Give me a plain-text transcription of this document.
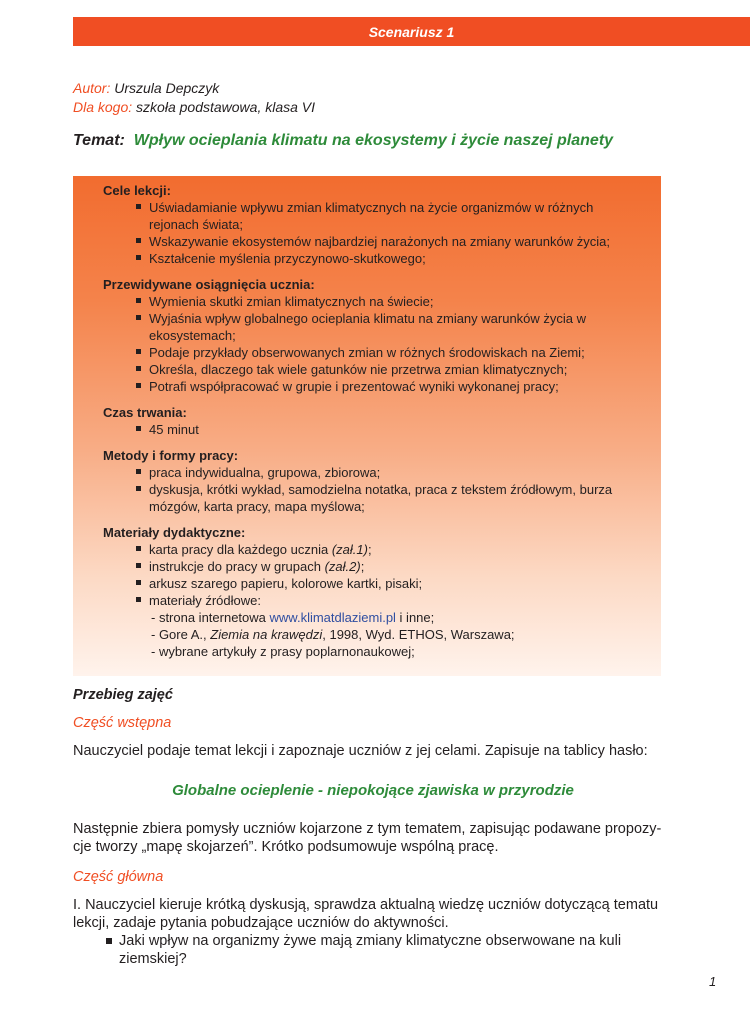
Scenariusz 1
Autor: Urszula Depczyk
Dla kogo: szkoła podstawowa, klasa VI
Temat: Wpływ ocieplania klimatu na ekosystemy i życie naszej planety
Cele lekcji:
Uświadamianie wpływu zmian klimatycznych na życie organizmów w różnych rejonach świata;
Wskazywanie ekosystemów najbardziej narażonych na zmiany warunków życia;
Kształcenie myślenia przyczynowo-skutkowego;
Przewidywane osiągnięcia ucznia:
Wymienia skutki zmian klimatycznych na świecie;
Wyjaśnia wpływ globalnego ocieplania klimatu na zmiany warunków życia w ekosystemach;
Podaje przykłady obserwowanych zmian w różnych środowiskach na Ziemi;
Określa, dlaczego tak wiele gatunków nie przetrwa zmian klimatycznych;
Potrafi współpracować w grupie i prezentować wyniki wykonanej pracy;
Czas trwania:
45 minut
Metody i formy pracy:
praca indywidualna, grupowa, zbiorowa;
dyskusja, krótki wykład, samodzielna notatka, praca z tekstem źródłowym, burza mózgów, karta pracy, mapa myślowa;
Materiały dydaktyczne:
karta pracy dla każdego ucznia (zał.1);
instrukcje do pracy w grupach (zał.2);
arkusz szarego papieru, kolorowe kartki, pisaki;
materiały źródłowe:
- strona internetowa www.klimatdlaziemi.pl i inne;
- Gore A., Ziemia na krawędzi, 1998, Wyd. ETHOS, Warszawa;
- wybrane artykuły z prasy poplarnonaukowej;

Przebieg zajęć

Część wstępna

Nauczyciel podaje temat lekcji i zapoznaje uczniów z jej celami. Zapisuje na tablicy hasło:

Globalne ocieplenie - niepokojące zjawiska w przyrodzie

Następnie zbiera pomysły uczniów kojarzone z tym tematem, zapisując podawane propozy-

cje tworzy „mapę skojarzeń”. Krótko podsumowuje wspólną pracę.

Część główna

I. Nauczyciel kieruje krótką dyskusją, sprawdza aktualną wiedzę uczniów dotyczącą tematu lekcji, zadaje pytania pobudzające uczniów do aktywności.

Jaki wpływ na organizmy żywe mają zmiany klimatyczne obserwowane na kuli ziemskiej?
1
